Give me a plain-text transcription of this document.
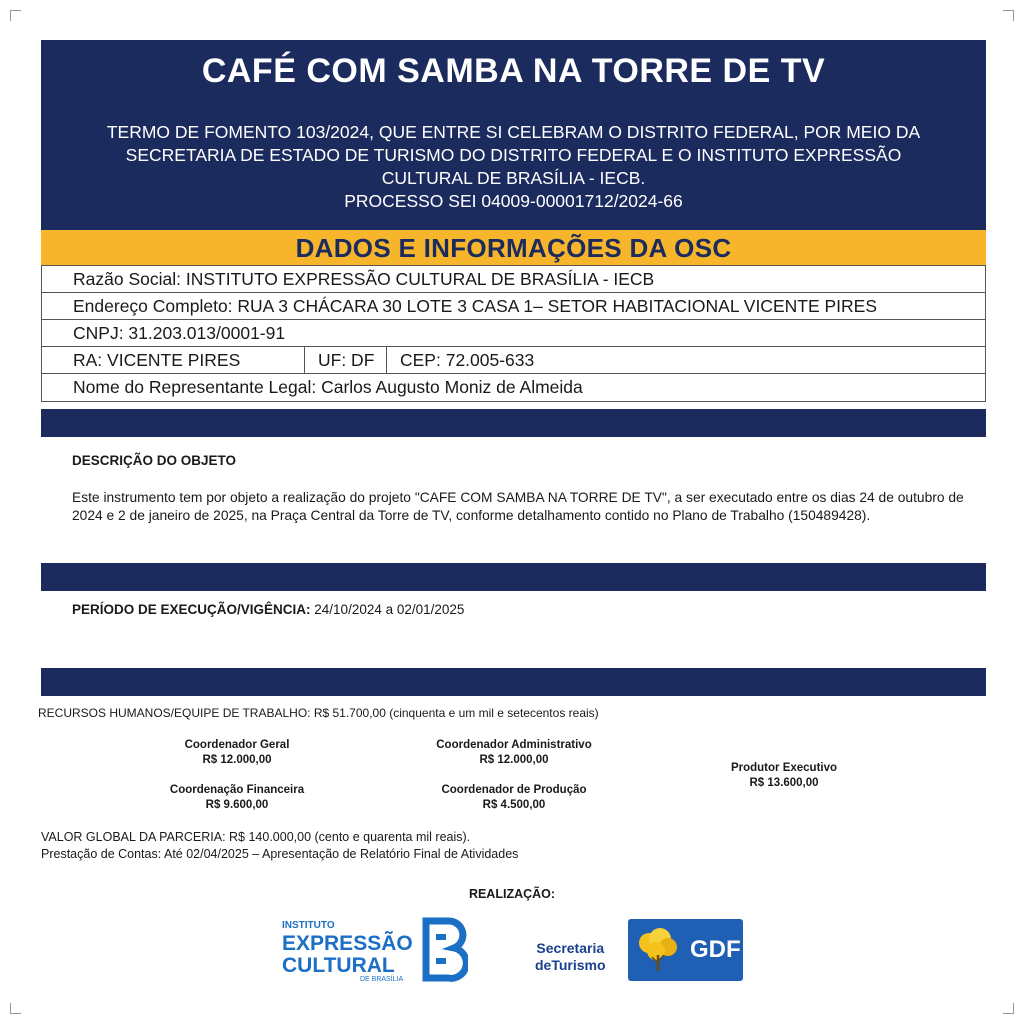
CAFÉ COM SAMBA NA TORRE DE TV
TERMO DE FOMENTO 103/2024, QUE ENTRE SI CELEBRAM O DISTRITO FEDERAL, POR MEIO DA
SECRETARIA DE ESTADO DE TURISMO DO DISTRITO FEDERAL E O INSTITUTO EXPRESSÃO
CULTURAL DE BRASÍLIA - IECB.
PROCESSO SEI 04009-00001712/2024-66
DADOS E INFORMAÇÕES DA OSC
Razão Social: INSTITUTO EXPRESSÃO CULTURAL DE BRASÍLIA - IECB
Endereço Completo: RUA 3 CHÁCARA 30 LOTE 3 CASA 1– SETOR HABITACIONAL VICENTE PIRES
CNPJ: 31.203.013/0001-91
RA: VICENTE PIRES	UF: DF	CEP: 72.005-633
Nome do Representante Legal: Carlos Augusto Moniz de Almeida
DESCRIÇÃO DO OBJETO
Este instrumento tem por objeto a realização do projeto "CAFE COM SAMBA NA TORRE DE TV", a ser executado entre os dias 24 de outubro de 2024 e 2 de janeiro de 2025, na Praça Central da Torre de TV, conforme detalhamento contido no Plano de Trabalho (150489428).
PERÍODO DE EXECUÇÃO/VIGÊNCIA: 24/10/2024 a 02/01/2025
RECURSOS HUMANOS/EQUIPE DE TRABALHO: R$ 51.700,00 (cinquenta e um mil e setecentos reais)
Coordenador Geral
R$ 12.000,00
Coordenador Administrativo
R$ 12.000,00
Produtor Executivo
R$ 13.600,00
Coordenação Financeira
R$ 9.600,00
Coordenador de Produção
R$ 4.500,00
VALOR GLOBAL DA PARCERIA: R$ 140.000,00 (cento e quarenta mil reais).
Prestação de Contas: Até 02/04/2025 – Apresentação de Relatório Final de Atividades
REALIZAÇÃO:
INSTITUTO
EXPRESSÃO
CULTURAL
DE BRASÍLIA
Secretaria
deTurismo
GDF
